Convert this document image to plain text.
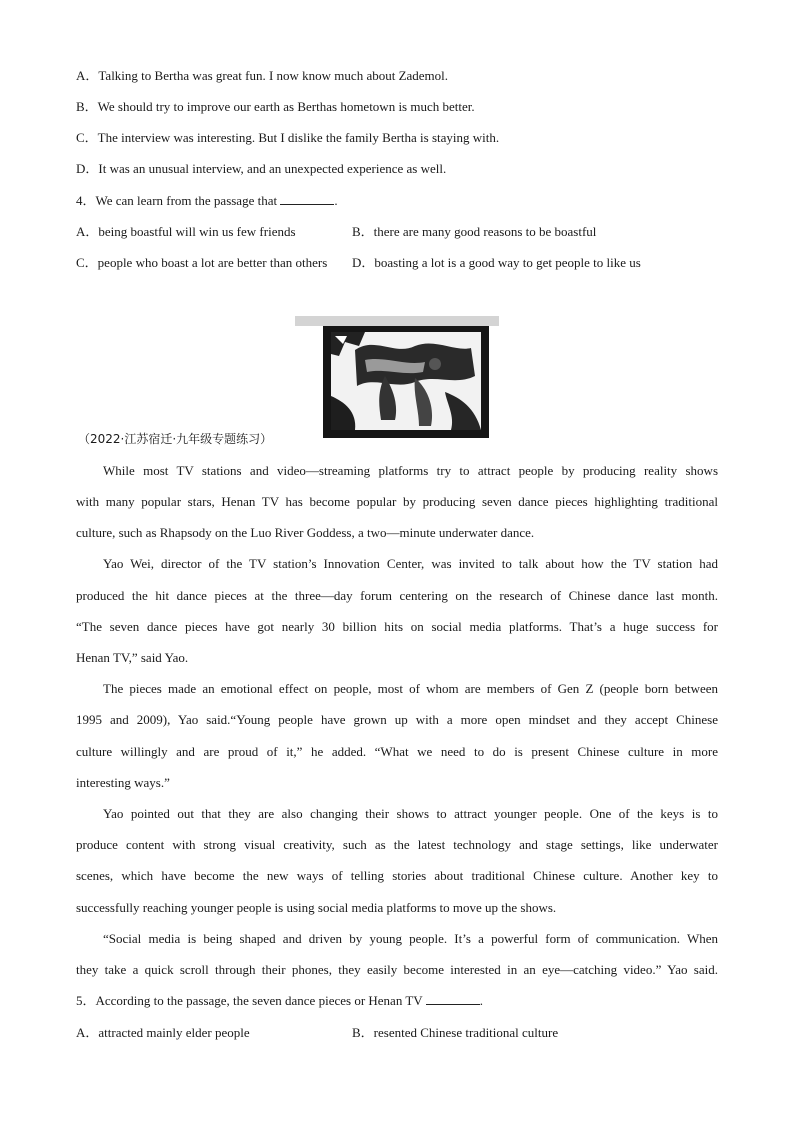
A．Talking to Bertha was great fun. I now know much about Zademol.
B．We should try to improve our earth as Berthas hometown is much better.
C．The interview was interesting. But I dislike the family Bertha is staying with.
D．It was an unusual interview, and an unexpected experience as well.
4．We can learn from the passage that	.
A．being boastful will win us few friends	B．there are many good reasons to be boastful
C．people who boast a lot are better than others D．boasting a lot is a good way to get people to like us
（2022·江苏宿迁·九年级专题练习）
While most TV stations and video—streaming platforms try to attract people by producing reality shows
with many popular stars, Henan TV has become popular by producing seven dance pieces highlighting traditional
culture, such as Rhapsody on the Luo River Goddess, a two—minute underwater dance.
Yao Wei, director of the TV station’s Innovation Center, was invited to talk about how the TV station had
produced the hit dance pieces at the three—day forum centering on the research of Chinese dance last month.
“The seven dance pieces have got nearly 30 billion hits on social media platforms. That’s a huge success for
Henan TV,” said Yao.
The pieces made an emotional effect on people, most of whom are members of Gen Z (people born between
1995 and 2009), Yao said.“Young people have grown up with a more open mindset and they accept Chinese
culture willingly and are proud of it,” he added. “What we need to do is present Chinese culture in more
interesting ways.”
Yao pointed out that they are also changing their shows to attract younger people. One of the keys is to
produce content with strong visual creativity, such as the latest technology and stage settings, like underwater
scenes, which have become the new ways of telling stories about traditional Chinese culture. Another key to
successfully reaching younger people is using social media platforms to move up the shows.
“Social media is being shaped and driven by young people. It’s a powerful form of communication. When
they take a quick scroll through their phones, they easily become interested in an eye—catching video.” Yao said.
5．According to the passage, the seven dance pieces or Henan TV	.
A．attracted mainly elder people	B．resented Chinese traditional culture
